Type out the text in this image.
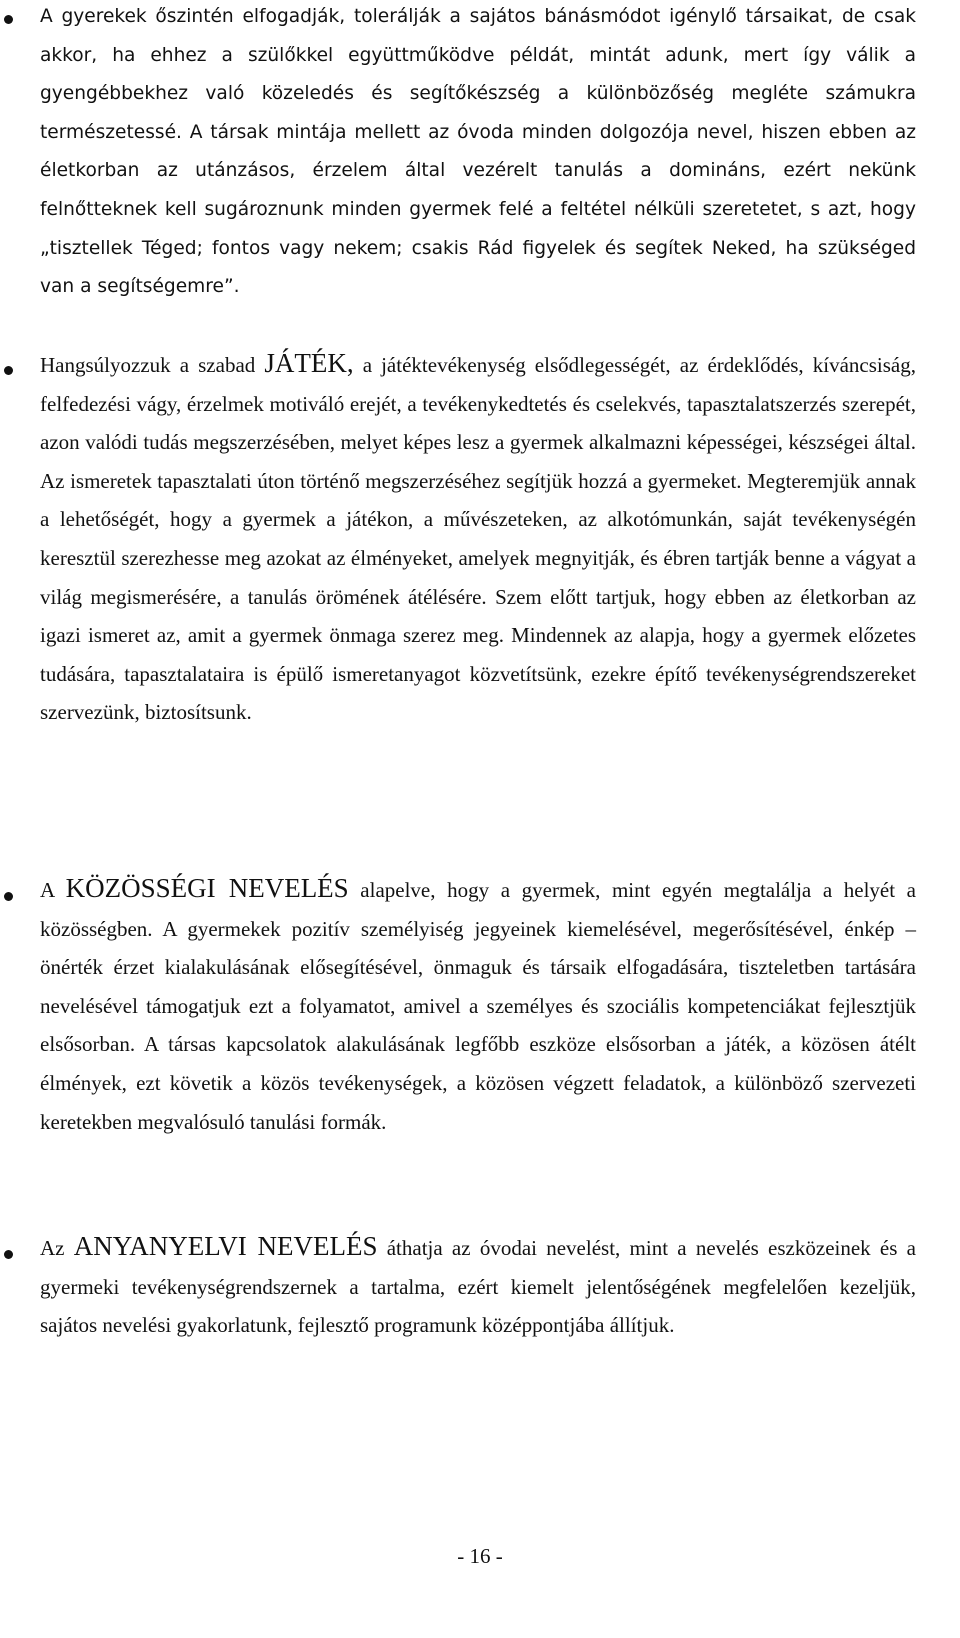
A gyerekek őszintén elfogadják, tolerálják a sajátos bánásmódot igénylő társaikat, de csak akkor, ha ehhez a szülőkkel együttműködve példát, mintát adunk, mert így válik a gyengébbekhez való közeledés és segítőkészség a különbözőség megléte számukra természetessé. A társak mintája mellett az óvoda minden dolgozója nevel, hiszen ebben az életkorban az utánzásos, érzelem által vezérelt tanulás a domináns, ezért nekünk felnőtteknek kell sugároznunk minden gyermek felé a feltétel nélküli szeretetet, s azt, hogy „tisztellek Téged; fontos vagy nekem; csakis Rád figyelek és segítek Neked, ha szükséged van a segítségemre”.

Hangsúlyozzuk a szabad JÁTÉK, a játéktevékenység elsődlegességét, az érdeklődés, kíváncsiság, felfedezési vágy, érzelmek motiváló erejét, a tevékenykedtetés és cselekvés, tapasztalatszerzés szerepét, azon valódi tudás megszerzésében, melyet képes lesz a gyermek alkalmazni képességei, készségei által. Az ismeretek tapasztalati úton történő megszerzéséhez segítjük hozzá a gyermeket. Megteremjük annak a lehetőségét, hogy a gyermek a játékon, a művészeteken, az alkotómunkán, saját tevékenységén keresztül szerezhesse meg azokat az élményeket, amelyek megnyitják, és ébren tartják benne a vágyat a világ megismerésére, a tanulás örömének átélésére. Szem előtt tartjuk, hogy ebben az életkorban az igazi ismeret az, amit a gyermek önmaga szerez meg. Mindennek az alapja, hogy a gyermek előzetes tudására, tapasztalataira is épülő ismeretanyagot közvetítsünk, ezekre építő tevékenységrendszereket szervezünk, biztosítsunk.

A KÖZÖSSÉGI NEVELÉS alapelve, hogy a gyermek, mint egyén megtalálja a helyét a közösségben. A gyermekek pozitív személyiség jegyeinek kiemelésével, megerősítésével, énkép – önérték érzet kialakulásának elősegítésével, önmaguk és társaik elfogadására, tiszteletben tartására nevelésével támogatjuk ezt a folyamatot, amivel a személyes és szociális kompetenciákat fejlesztjük elsősorban. A társas kapcsolatok alakulásának legfőbb eszköze elsősorban a játék, a közösen átélt élmények, ezt követik a közös tevékenységek, a közösen végzett feladatok, a különböző szervezeti keretekben megvalósuló tanulási formák.

Az ANYANYELVI NEVELÉS áthatja az óvodai nevelést, mint a nevelés eszközeinek és a gyermeki tevékenységrendszernek a tartalma, ezért kiemelt jelentőségének megfelelően kezeljük, sajátos nevelési gyakorlatunk, fejlesztő programunk középpontjába állítjuk.

- 16 -
